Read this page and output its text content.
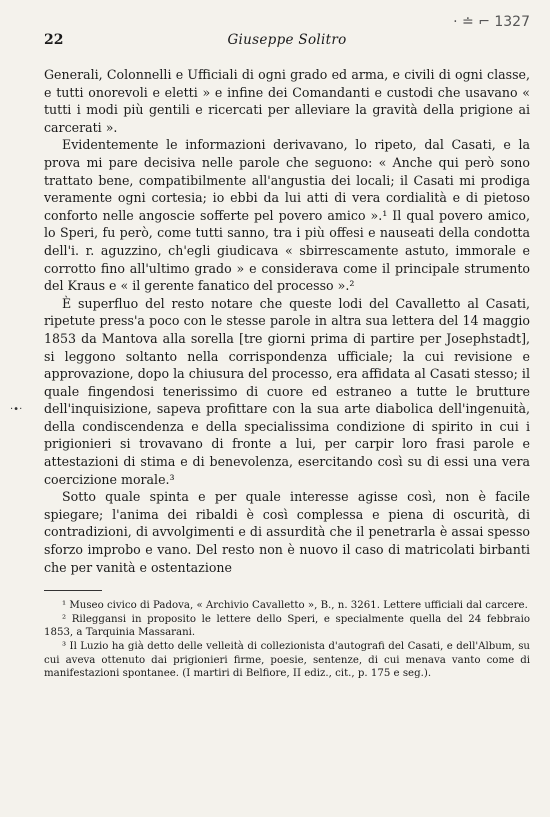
22	Giuseppe Solitro
· ≐ ⌐ 1327

Generali, Colonnelli e Ufficiali di ogni grado ed arma, e civili di ogni classe, e tutti onorevoli e eletti » e infine dei Comandanti e custodi che usavano « tutti i modi più gentili e ricercati per alleviare la gravità della prigione ai carcerati ».

Evidentemente le informazioni derivavano, lo ripeto, dal Casati, e la prova mi pare decisiva nelle parole che seguono: « Anche qui però sono trattato bene, compatibilmente all'angustia dei locali; il Casati mi prodiga veramente ogni cortesia; io ebbi da lui atti di vera cordialità e di pietoso conforto nelle angoscie sofferte pel povero amico ».¹ Il qual povero amico, lo Speri, fu però, come tutti sanno, tra i più offesi e nauseati della condotta dell'i. r. aguzzino, ch'egli giudicava « sbirrescamente astuto, immorale e corrotto fino all'ultimo grado » e considerava come il principale strumento del Kraus e « il gerente fanatico del processo ».²

È superfluo del resto notare che queste lodi del Cavalletto al Casati, ripetute press'a poco con le stesse parole in altra sua lettera del 14 maggio 1853 da Mantova alla sorella [tre giorni prima di partire per Josephstadt], si leggono soltanto nella corrispondenza ufficiale; la cui revisione e approvazione, dopo la chiusura del processo, era affidata al Casati stesso; il quale fingendosi tenerissimo di cuore ed estraneo a tutte le brutture dell'inquisizione, sapeva profittare con la sua arte diabolica dell'ingenuità, della condiscendenza e della specialissima condizione di spirito in cui i prigionieri si trovavano di fronte a lui, per carpir loro frasi parole e attestazioni di stima e di benevolenza, esercitando così su di essi una vera coercizione morale.³

Sotto quale spinta e per quale interesse agisse così, non è facile spiegare; l'anima dei ribaldi è così complessa e piena di oscurità, di contradizioni, di avvolgimenti e di assurdità che il penetrarla è assai spesso sforzo improbo e vano. Del resto non è nuovo il caso di matricolati birbanti che per vanità e ostentazione

¹ Museo civico di Padova, « Archivio Cavalletto », B., n. 3261. Lettere ufficiali dal carcere.

² Rileggansi in proposito le lettere dello Speri, e specialmente quella del 24 febbraio 1853, a Tarquinia Massarani.

³ Il Luzio ha già detto delle velleità di collezionista d'autografi del Casati, e dell'Album, su cui aveva ottenuto dai prigionieri firme, poesie, sentenze, di cui menava vanto come di manifestazioni spontanee. (I martiri di Belfiore, II ediz., cit., p. 175 e seg.).

·•·
